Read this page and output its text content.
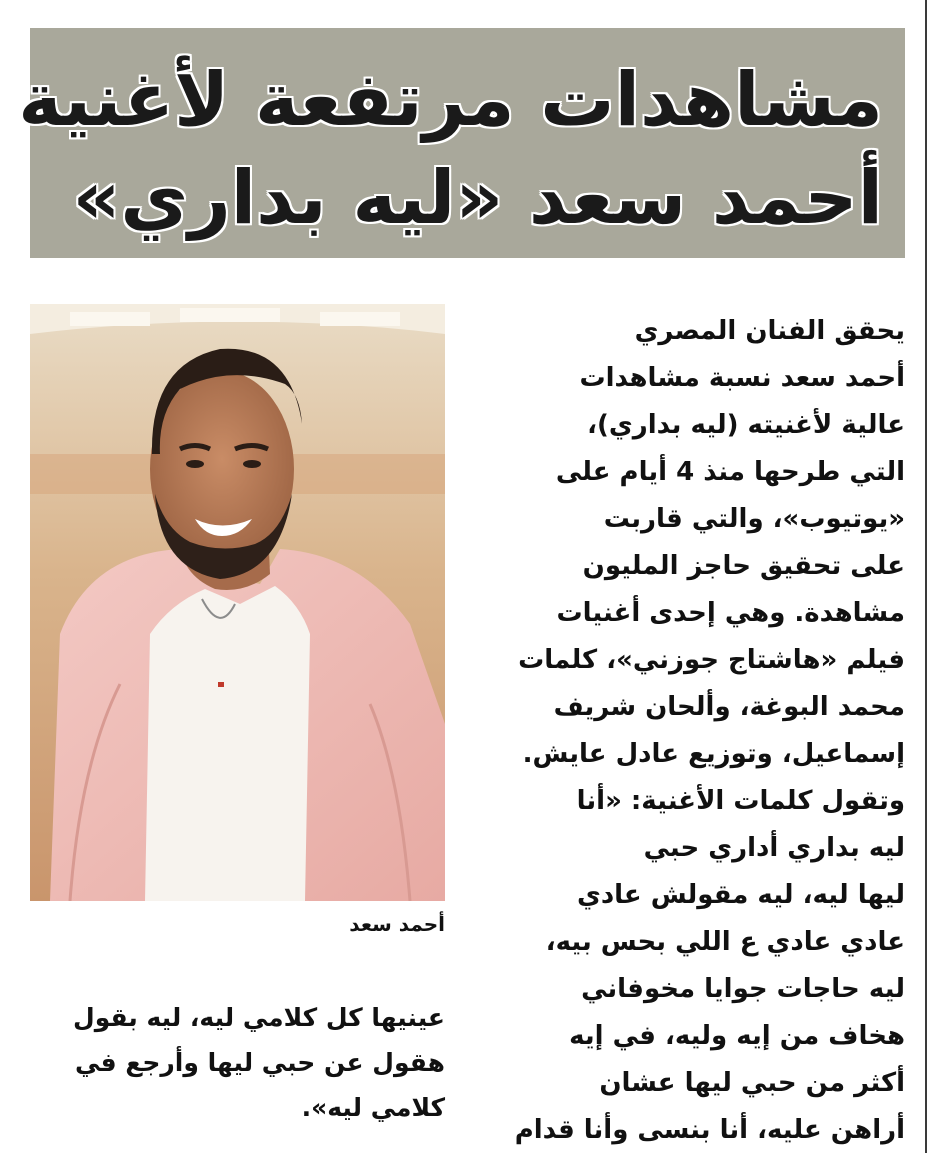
مشاهدات مرتفعة لأغنية
أحمد سعد «ليه بداري»

أحمد سعد

يحقق الفنان المصري
أحمد سعد نسبة مشاهدات
عالية لأغنيته (ليه بداري)،
التي طرحها منذ 4 أيام على
«يوتيوب»، والتي قاربت
على تحقيق حاجز المليون
مشاهدة. وهي إحدى أغنيات
فيلم «هاشتاج جوزني»، كلمات
محمد البوغة، وألحان شريف
إسماعيل، وتوزيع عادل عايش.
وتقول كلمات الأغنية: «أنا
ليه بداري أداري حبي
ليها ليه، ليه مقولش عادي
عادي عادي ع اللي بحس بيه،
ليه حاجات جوايا مخوفاني
هخاف من إيه وليه، في إيه
أكثر من حبي ليها عشان
أراهن عليه، أنا بنسى وأنا قدام
عينيها كل كلامي ليه، ليه بقول
هقول عن حبي ليها وأرجع في
كلامي ليه».
